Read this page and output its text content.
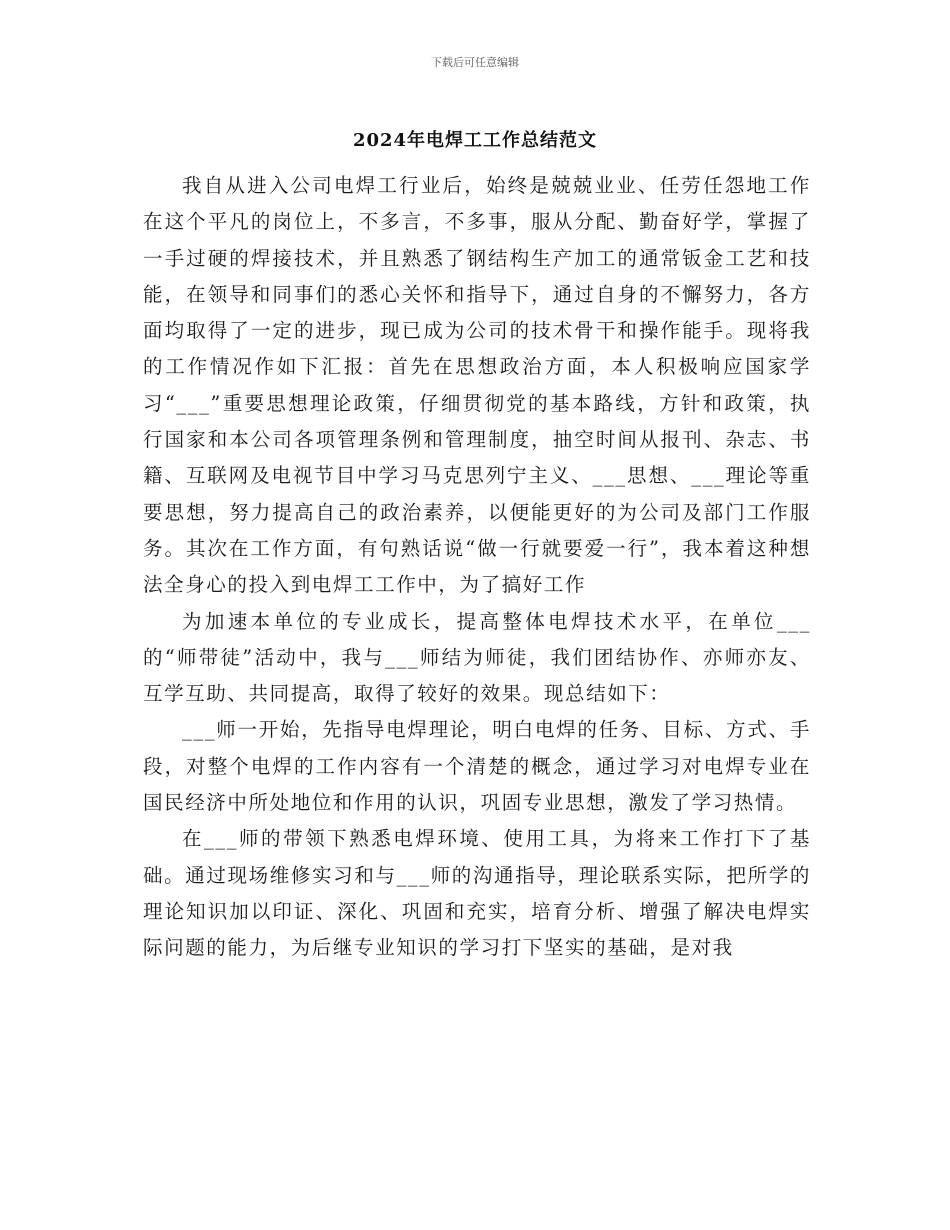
下载后可任意编辑
2024年电焊工工作总结范文

我自从进入公司电焊工行业后，始终是兢兢业业、任劳任怨地工作在这个平凡的岗位上，不多言，不多事，服从分配、勤奋好学，掌握了一手过硬的焊接技术，并且熟悉了钢结构生产加工的通常钣金工艺和技能，在领导和同事们的悉心关怀和指导下，通过自身的不懈努力，各方面均取得了一定的进步，现已成为公司的技术骨干和操作能手。现将我的工作情况作如下汇报：首先在思想政治方面，本人积极响应国家学习“___”重要思想理论政策，仔细贯彻党的基本路线，方针和政策，执行国家和本公司各项管理条例和管理制度，抽空时间从报刊、杂志、书籍、互联网及电视节目中学习马克思列宁主义、___思想、___理论等重要思想，努力提高自己的政治素养，以便能更好的为公司及部门工作服务。其次在工作方面，有句熟话说“做一行就要爱一行”，我本着这种想法全身心的投入到电焊工工作中，为了搞好工作

为加速本单位的专业成长，提高整体电焊技术水平，在单位___的“师带徒”活动中，我与___师结为师徒，我们团结协作、亦师亦友、互学互助、共同提高，取得了较好的效果。现总结如下：

___师一开始，先指导电焊理论，明白电焊的任务、目标、方式、手段，对整个电焊的工作内容有一个清楚的概念，通过学习对电焊专业在国民经济中所处地位和作用的认识，巩固专业思想，激发了学习热情。

在___师的带领下熟悉电焊环境、使用工具，为将来工作打下了基础。通过现场维修实习和与___师的沟通指导，理论联系实际，把所学的理论知识加以印证、深化、巩固和充实，培育分析、增强了解决电焊实际问题的能力，为后继专业知识的学习打下坚实的基础，是对我
